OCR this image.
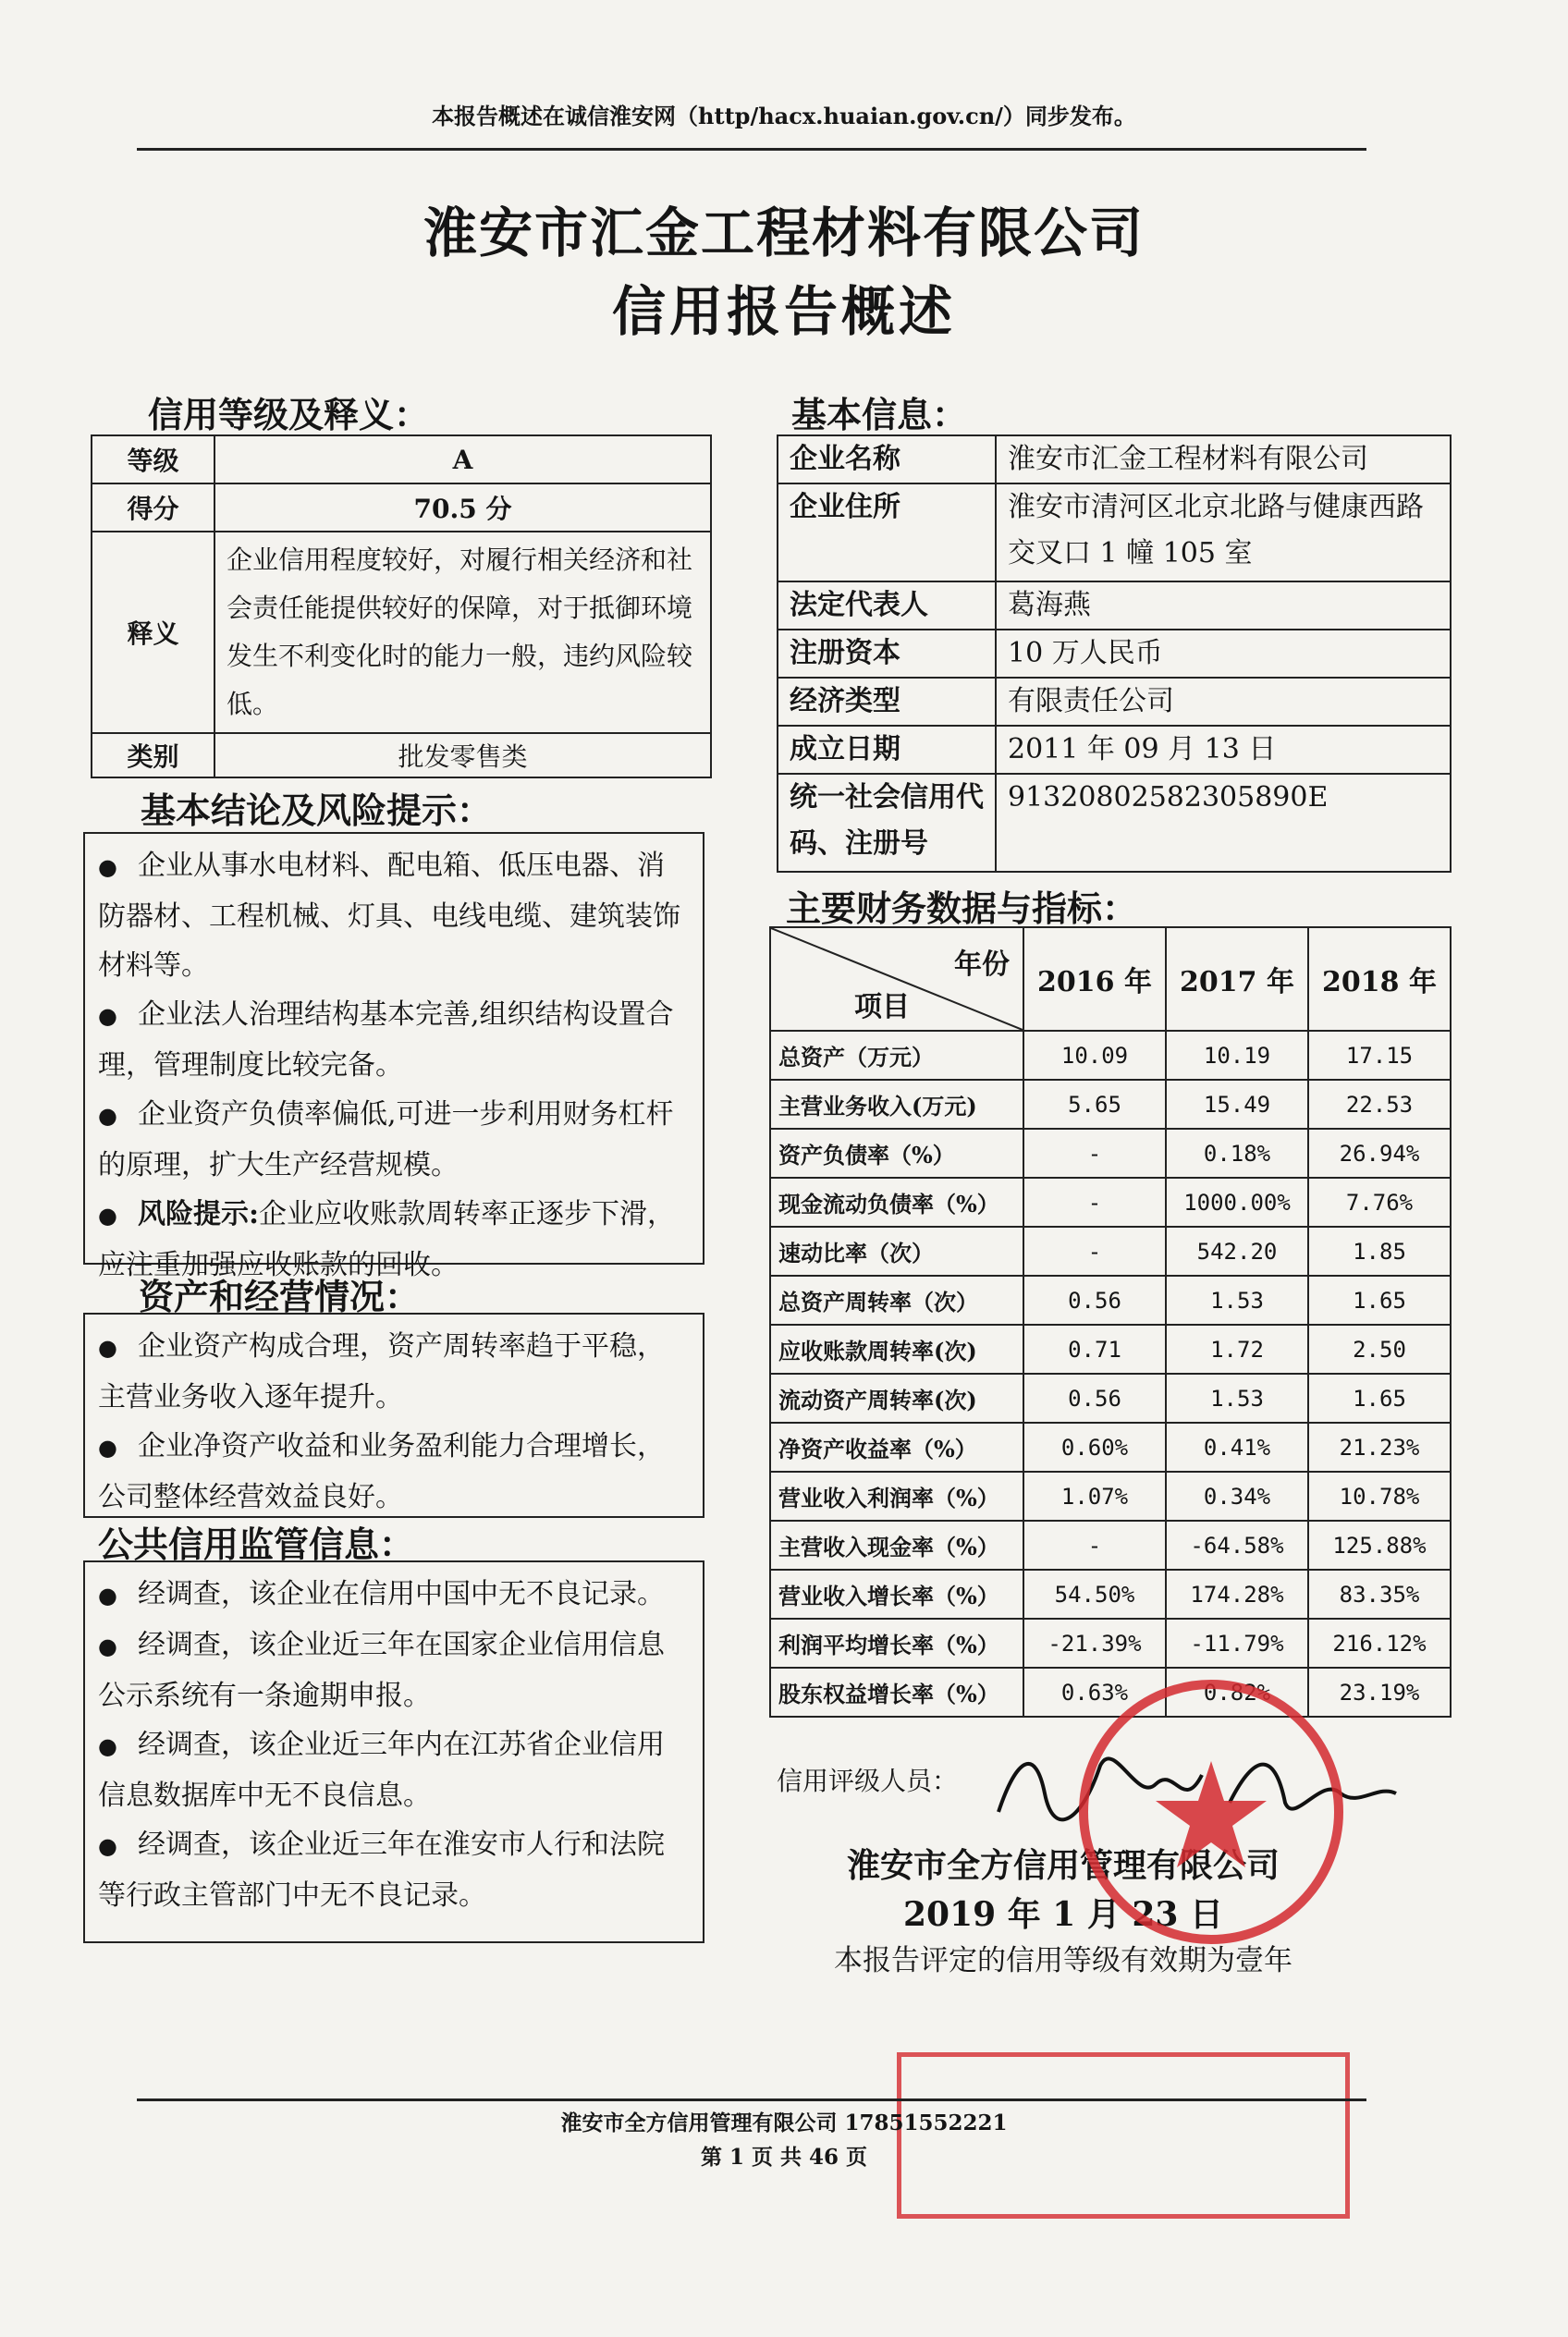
本报告概述在诚信淮安网（http/hacx.huaian.gov.cn/）同步发布。
淮安市汇金工程材料有限公司
信用报告概述
信用等级及释义：
等级	A
得分	70.5 分
释义	企业信用程度较好，对履行相关经济和社会责任能提供较好的保障，对于抵御环境发生不利变化时的能力一般，违约风险较低。
类别	批发零售类
基本结论及风险提示：

● 企业从事水电材料、配电箱、低压电器、消防器材、工程机械、灯具、电线电缆、建筑装饰材料等。

● 企业法人治理结构基本完善,组织结构设置合理，管理制度比较完备。

● 企业资产负债率偏低,可进一步利用财务杠杆的原理，扩大生产经营规模。

● 风险提示:企业应收账款周转率正逐步下滑，应注重加强应收账款的回收。

资产和经营情况：

● 企业资产构成合理，资产周转率趋于平稳，主营业务收入逐年提升。

● 企业净资产收益和业务盈利能力合理增长，公司整体经营效益良好。

公共信用监管信息：

● 经调查，该企业在信用中国中无不良记录。

● 经调查，该企业近三年在国家企业信用信息公示系统有一条逾期申报。

● 经调查，该企业近三年内在江苏省企业信用信息数据库中无不良信息。

● 经调查，该企业近三年在淮安市人行和法院等行政主管部门中无不良记录。

基本信息：
企业名称	淮安市汇金工程材料有限公司
企业住所	淮安市清河区北京北路与健康西路交叉口 1 幢 105 室
法定代表人	葛海燕
注册资本	10 万人民币
经济类型	有限责任公司
成立日期	2011 年 09 月 13 日
统一社会信用代码、注册号	91320802582305890E
主要财务数据与指标：
年份
项目	2016 年	2017 年	2018 年
总资产（万元）	10.09	10.19	17.15
主营业务收入(万元)	5.65	15.49	22.53
资产负债率（%）	-	0.18%	26.94%
现金流动负债率（%）	-	1000.00%	7.76%
速动比率（次）	-	542.20	1.85
总资产周转率（次）	0.56	1.53	1.65
应收账款周转率(次)	0.71	1.72	2.50
流动资产周转率(次)	0.56	1.53	1.65
净资产收益率（%）	0.60%	0.41%	21.23%
营业收入利润率（%）	1.07%	0.34%	10.78%
主营收入现金率（%）	-	-64.58%	125.88%
营业收入增长率（%）	54.50%	174.28%	83.35%
利润平均增长率（%）	-21.39%	-11.79%	216.12%
股东权益增长率（%）	0.63%	0.82%	23.19%
信用评级人员：
淮安市全方信用管理有限公司
2019 年 1 月 23 日
本报告评定的信用等级有效期为壹年
淮安市全方信用管理有限公司 17851552221
第 1 页 共 46 页
